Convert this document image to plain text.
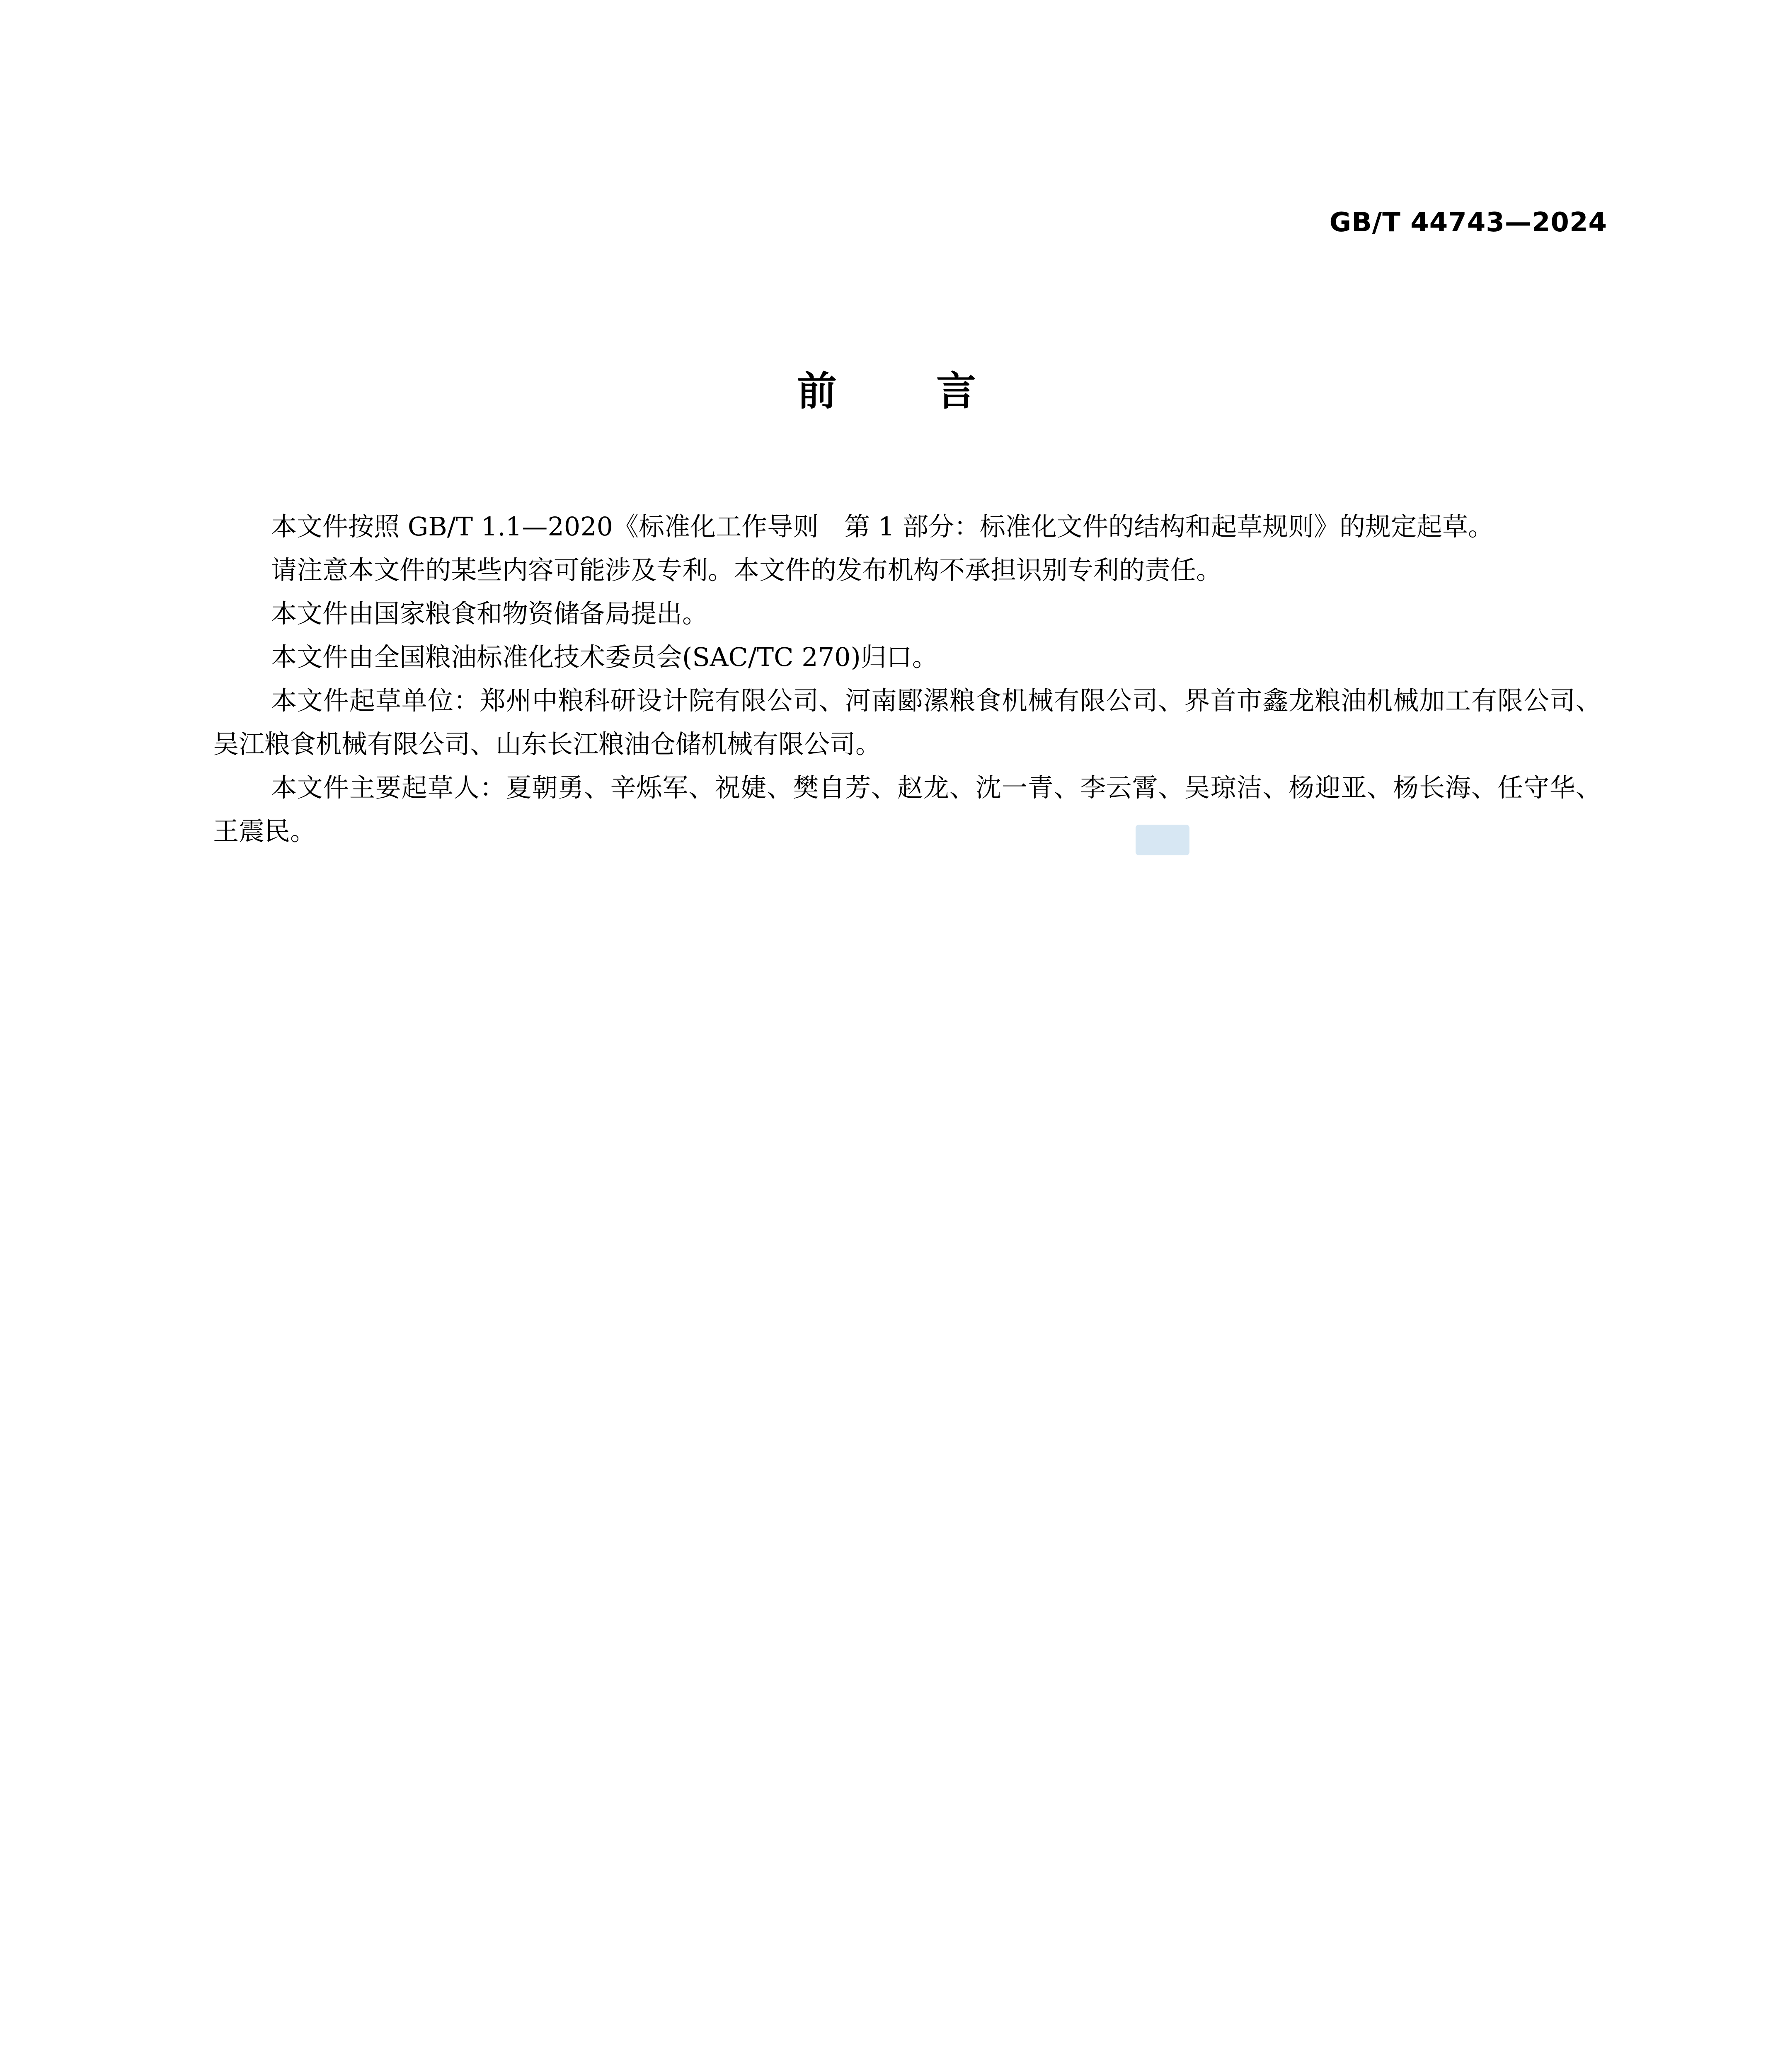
GB/T 44743—2024
前言

本文件按照 GB/T 1.1—2020《标准化工作导则　第 1 部分：标准化文件的结构和起草规则》的规定起草。

请注意本文件的某些内容可能涉及专利。本文件的发布机构不承担识别专利的责任。

本文件由国家粮食和物资储备局提出。

本文件由全国粮油标准化技术委员会(SAC/TC 270)归口。

本文件起草单位：郑州中粮科研设计院有限公司、河南郾漯粮食机械有限公司、界首市鑫龙粮油机械加工有限公司、吴江粮食机械有限公司、山东长江粮油仓储机械有限公司。

本文件主要起草人：夏朝勇、辛烁军、祝婕、樊自芳、赵龙、沈一青、李云霄、吴琼洁、杨迎亚、杨长海、任守华、王震民。
